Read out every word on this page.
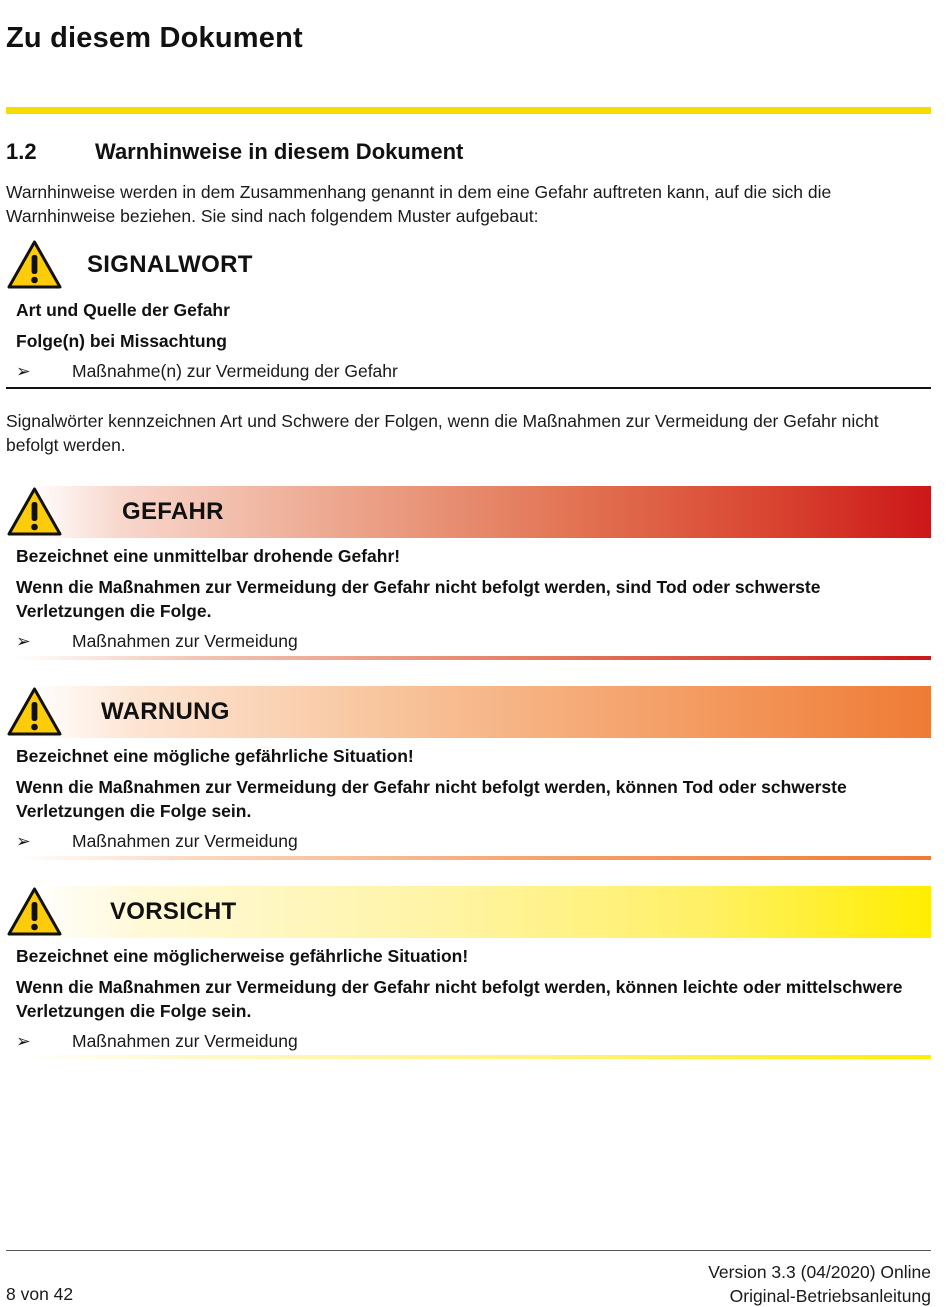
Zu diesem Dokument
1.2	Warnhinweise in diesem Dokument
Warnhinweise werden in dem Zusammenhang genannt in dem eine Gefahr auftreten kann, auf die sich die Warnhinweise beziehen. Sie sind nach folgendem Muster aufgebaut:
SIGNALWORT
Art und Quelle der Gefahr
Folge(n) bei Missachtung
➢ Maßnahme(n) zur Vermeidung der Gefahr
Signalwörter kennzeichnen Art und Schwere der Folgen, wenn die Maßnahmen zur Vermeidung der Gefahr nicht befolgt werden.
GEFAHR
Bezeichnet eine unmittelbar drohende Gefahr!
Wenn die Maßnahmen zur Vermeidung der Gefahr nicht befolgt werden, sind Tod oder schwerste Verletzungen die Folge.
➢ Maßnahmen zur Vermeidung
WARNUNG
Bezeichnet eine mögliche gefährliche Situation!
Wenn die Maßnahmen zur Vermeidung der Gefahr nicht befolgt werden, können Tod oder schwerste Verletzungen die Folge sein.
➢ Maßnahmen zur Vermeidung
VORSICHT
Bezeichnet eine möglicherweise gefährliche Situation!
Wenn die Maßnahmen zur Vermeidung der Gefahr nicht befolgt werden, können leichte oder mittelschwere Verletzungen die Folge sein.
➢ Maßnahmen zur Vermeidung
8 von 42
Version 3.3 (04/2020) Online
Original-Betriebsanleitung
